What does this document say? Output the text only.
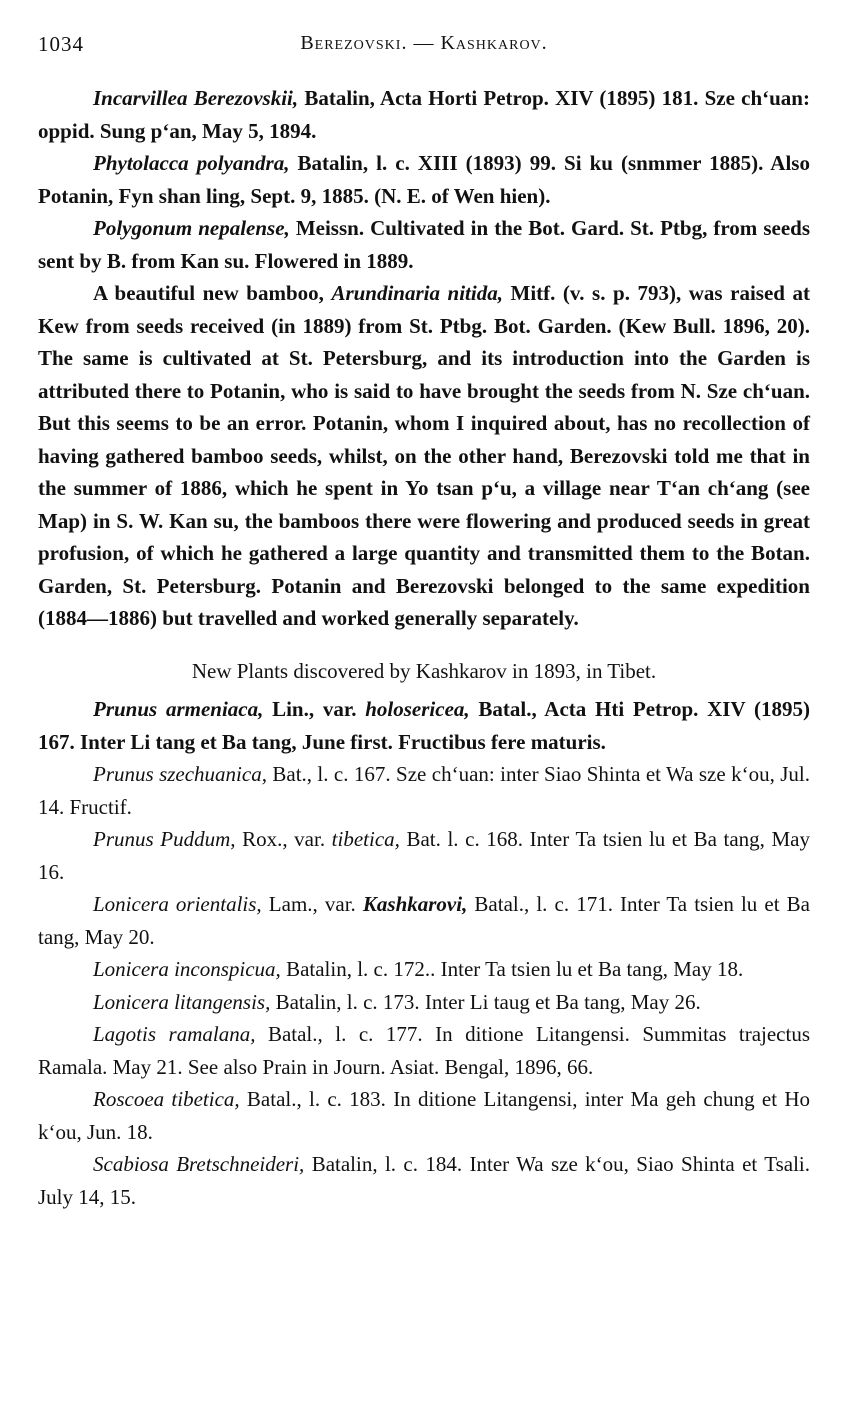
1034	Berezovski. — Kashkarov.

Incarvillea Berezovskii, Batalin, Acta Horti Petrop. XIV (1895) 181. Sze chʻuan: oppid. Sung pʻan, May 5, 1894.

Phytolacca polyandra, Batalin, l. c. XIII (1893) 99. Si ku (snmmer 1885). Also Potanin, Fyn shan ling, Sept. 9, 1885. (N. E. of Wen hien).

Polygonum nepalense, Meissn. Cultivated in the Bot. Gard. St. Ptbg, from seeds sent by B. from Kan su. Flowered in 1889.

A beautiful new bamboo, Arundinaria nitida, Mitf. (v. s. p. 793), was raised at Kew from seeds received (in 1889) from St. Ptbg. Bot. Garden. (Kew Bull. 1896, 20). The same is cultivated at St. Petersburg, and its introduction into the Garden is attributed there to Potanin, who is said to have brought the seeds from N. Sze chʻuan. But this seems to be an error. Potanin, whom I inquired about, has no recollection of having gathered bamboo seeds, whilst, on the other hand, Berezovski told me that in the summer of 1886, which he spent in Yo tsan pʻu, a village near Tʻan chʻang (see Map) in S. W. Kan su, the bamboos there were flowering and produced seeds in great profusion, of which he gathered a large quantity and transmitted them to the Botan. Garden, St. Petersburg. Potanin and Berezovski belonged to the same expedition (1884—1886) but travelled and worked generally separately.

New Plants discovered by Kashkarov in 1893, in Tibet.

Prunus armeniaca, Lin., var. holosericea, Batal., Acta Hti Petrop. XIV (1895) 167. Inter Li tang et Ba tang, June first. Fructibus fere maturis.

Prunus szechuanica, Bat., l. c. 167. Sze chʻuan: inter Siao Shinta et Wa sze kʻou, Jul. 14. Fructif.

Prunus Puddum, Rox., var. tibetica, Bat. l. c. 168. Inter Ta tsien lu et Ba tang, May 16.

Lonicera orientalis, Lam., var. Kashkarovi, Batal., l. c. 171. Inter Ta tsien lu et Ba tang, May 20.

Lonicera inconspicua, Batalin, l. c. 172.. Inter Ta tsien lu et Ba tang, May 18.

Lonicera litangensis, Batalin, l. c. 173. Inter Li taug et Ba tang, May 26.

Lagotis ramalana, Batal., l. c. 177. In ditione Litangensi. Summitas trajectus Ramala. May 21. See also Prain in Journ. Asiat. Bengal, 1896, 66.

Roscoea tibetica, Batal., l. c. 183. In ditione Litangensi, inter Ma geh chung et Ho kʻou, Jun. 18.

Scabiosa Bretschneideri, Batalin, l. c. 184. Inter Wa sze kʻou, Siao Shinta et Tsali. July 14, 15.
